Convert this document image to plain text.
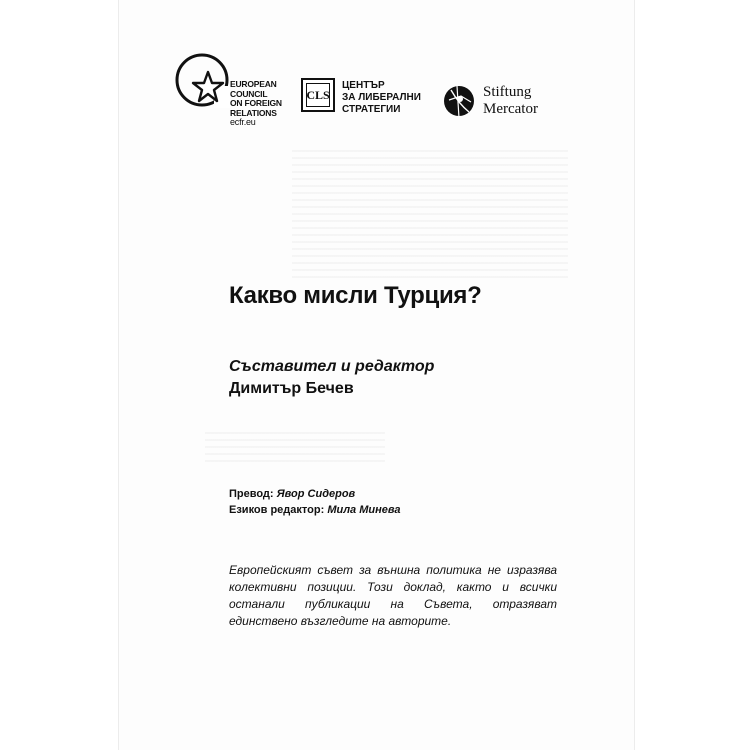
EUROPEAN
COUNCIL
ON FOREIGN
RELATIONS
ecfr.eu
CLS
ЦЕНТЪР
ЗА ЛИБЕРАЛНИ
СТРАТЕГИИ
Stiftung
Mercator
Какво мисли Турция?
Съставител и редактор
Димитър Бечев
Превод: Явор Сидеров
Езиков редактор: Мила Минева

Европейският съвет за външна политика не изразява колективни позиции. Този доклад, както и всички останали публикации на Съвета, отразяват единствено възгледите на авторите.
